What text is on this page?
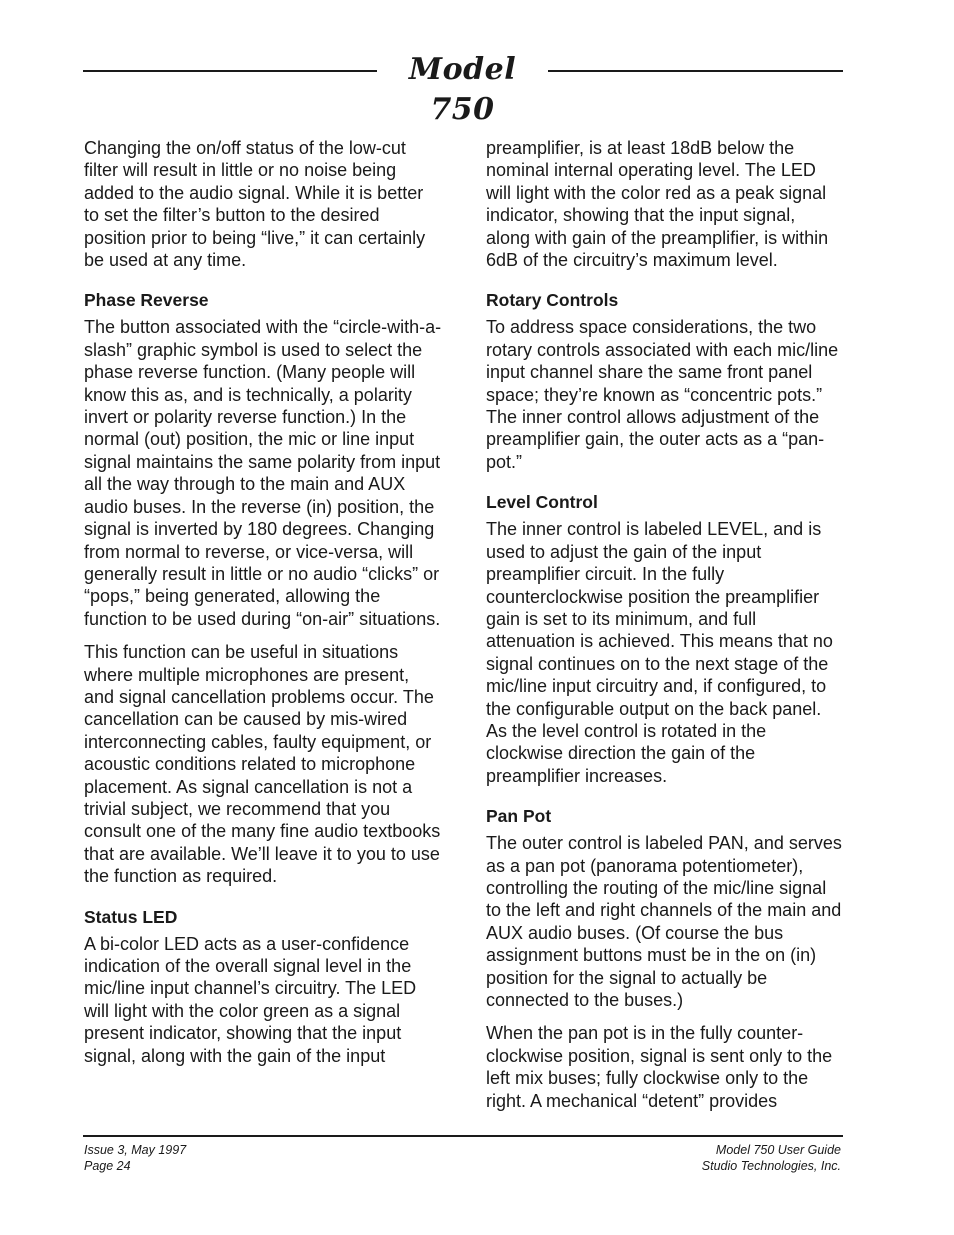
Model 750

Changing the on/off status of the low-cut filter will result in little or no noise being added to the audio signal. While it is better to set the filter’s button to the desired position prior to being “live,” it can certainly be used at any time.

Phase Reverse

The button associated with the “circle-with-a-slash” graphic symbol is used to select the phase reverse function. (Many people will know this as, and is technically, a polarity invert or polarity reverse function.) In the normal (out) position, the mic or line input signal maintains the same polarity from input all the way through to the main and AUX audio buses. In the reverse (in) position, the signal is inverted by 180 degrees. Changing from normal to reverse, or vice-versa, will generally result in little or no audio “clicks” or “pops,” being generated, allowing the function to be used during “on-air” situations.

This function can be useful in situations where multiple microphones are present, and signal cancellation problems occur. The cancellation can be caused by mis-wired interconnecting cables, faulty equipment, or acoustic conditions related to microphone placement. As signal cancellation is not a trivial subject, we recommend that you consult one of the many fine audio textbooks that are available. We’ll leave it to you to use the function as required.

Status LED

A bi-color LED acts as a user-confidence indication of the overall signal level in the mic/line input channel’s circuitry. The LED will light with the color green as a signal present indicator, showing that the input signal, along with the gain of the input

preamplifier, is at least 18dB below the nominal internal operating level. The LED will light with the color red as a peak signal indicator, showing that the input signal, along with gain of the preamplifier, is within 6dB of the circuitry’s maximum level.

Rotary Controls

To address space considerations, the two rotary controls associated with each mic/line input channel share the same front panel space; they’re known as “concentric pots.” The inner control allows adjustment of the preamplifier gain, the outer acts as a “pan-pot.”

Level Control

The inner control is labeled LEVEL, and is used to adjust the gain of the input preamplifier circuit. In the fully counterclockwise position the preamplifier gain is set to its minimum, and full attenuation is achieved. This means that no signal continues on to the next stage of the mic/line input circuitry and, if configured, to the configurable output on the back panel. As the level control is rotated in the clockwise direction the gain of the preamplifier increases.

Pan Pot

The outer control is labeled PAN, and serves as a pan pot (panorama potentiometer), controlling the routing of the mic/line signal to the left and right channels of the main and AUX audio buses. (Of course the bus assignment buttons must be in the on (in) position for the signal to actually be connected to the buses.)

When the pan pot is in the fully counter-clockwise position, signal is sent only to the left mix buses; fully clockwise only to the right. A mechanical “detent” provides

Issue 3, May 1997
Page 24
Model 750 User Guide
Studio Technologies, Inc.
